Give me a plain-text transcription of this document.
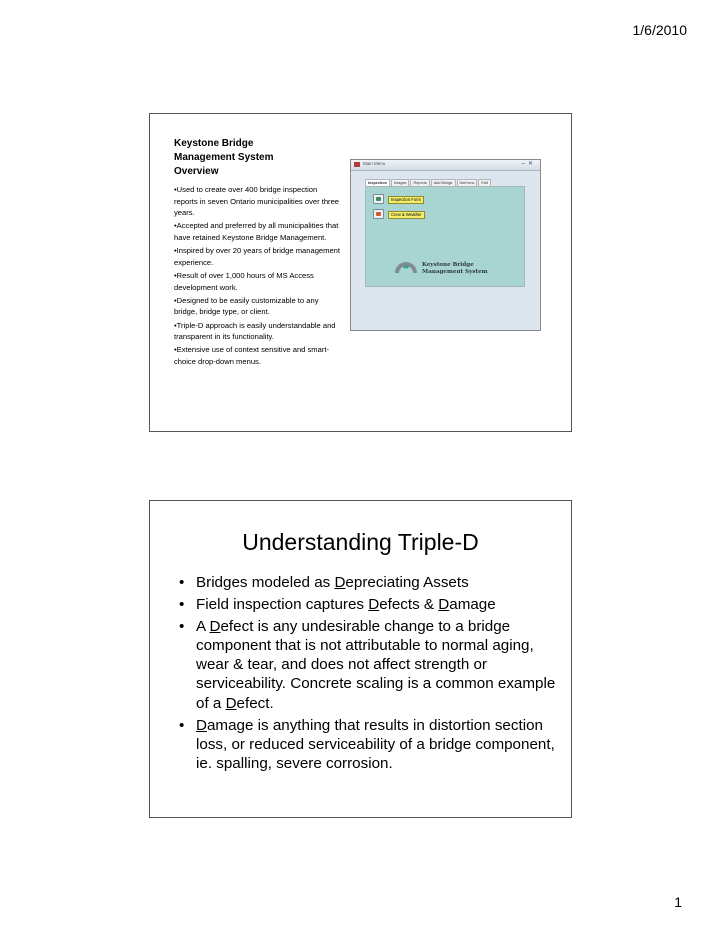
1/6/2010
Keystone Bridge Management System Overview
•Used to create over 400 bridge inspection reports in seven Ontario municipalities over three years.
•Accepted and preferred by all municipalities that have retained Keystone Bridge Management.
•Inspired by over 20 years of bridge management experience.
•Result of over 1,000 hours of MS Access development work.
•Designed to be easily customizable to any bridge, bridge type, or client.
•Triple-D approach is easily understandable and transparent in its functionality.
•Extensive use of context sensitive and smart-choice drop-down menus.
Main Menu	–✕
Inspection	Images	Reports	Add Bridge	Defn'ons	Edit
Inspection Form
Crew & Weather
Keystone Bridge
Management System
Understanding Triple-D
• Bridges modeled as Depreciating Assets
• Field inspection captures Defects & Damage
• A Defect is any undesirable change to a bridge component that is not attributable to normal aging, wear & tear, and does not affect strength or serviceability. Concrete scaling is a common example of a Defect.
• Damage is anything that results in distortion section loss, or reduced serviceability of a bridge component, ie. spalling, severe corrosion.
1
